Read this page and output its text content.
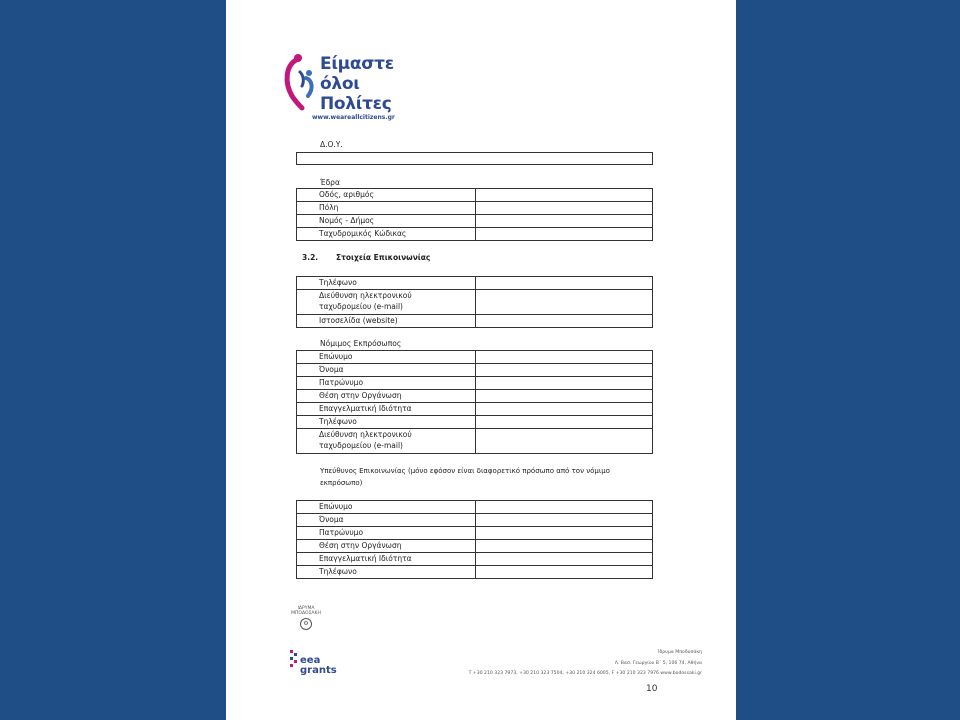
Είμαστε
όλοι
Πολίτες
www.weareallcitizens.gr
Δ.Ο.Υ.
Έδρα
Οδός, αριθμός	
Πόλη	
Νομός - Δήμος	
Ταχυδρομικός Κώδικας	
3.2. Στοιχεία Επικοινωνίας
Τηλέφωνο	

Διεύθυνση ηλεκτρονικού
ταχυδρομείου (e-mail)	

Ιστοσελίδα (website)	
Νόμιμος Εκπρόσωπος
Επώνυμο	
Όνομα	
Πατρώνυμο	
Θέση στην Οργάνωση	
Επαγγελματική Ιδιότητα	
Τηλέφωνο	

Διεύθυνση ηλεκτρονικού
ταχυδρομείου (e-mail)	

Υπεύθυνος Επικοινωνίας (μόνο εφόσον είναι διαφορετικό πρόσωπο από τον νόμιμο
εκπρόσωπο)
Επώνυμο	
Όνομα	
Πατρώνυμο	
Θέση στην Οργάνωση	
Επαγγελματική Ιδιότητα	
Τηλέφωνο	
ΙΔΡΥΜΑ
ΜΠΟΔΟΣΑΚΗ
⚙
eea
grants
Ίδρυμα Μποδοσάκη
Λ. Βασ. Γεωργίου Β΄ 5, 106 74, Αθήνα
Τ +30 210 323 7973, +30 210 323 7504, +30 210 324 6005, F +30 210 323 7976 www.bodossaki.gr
10
